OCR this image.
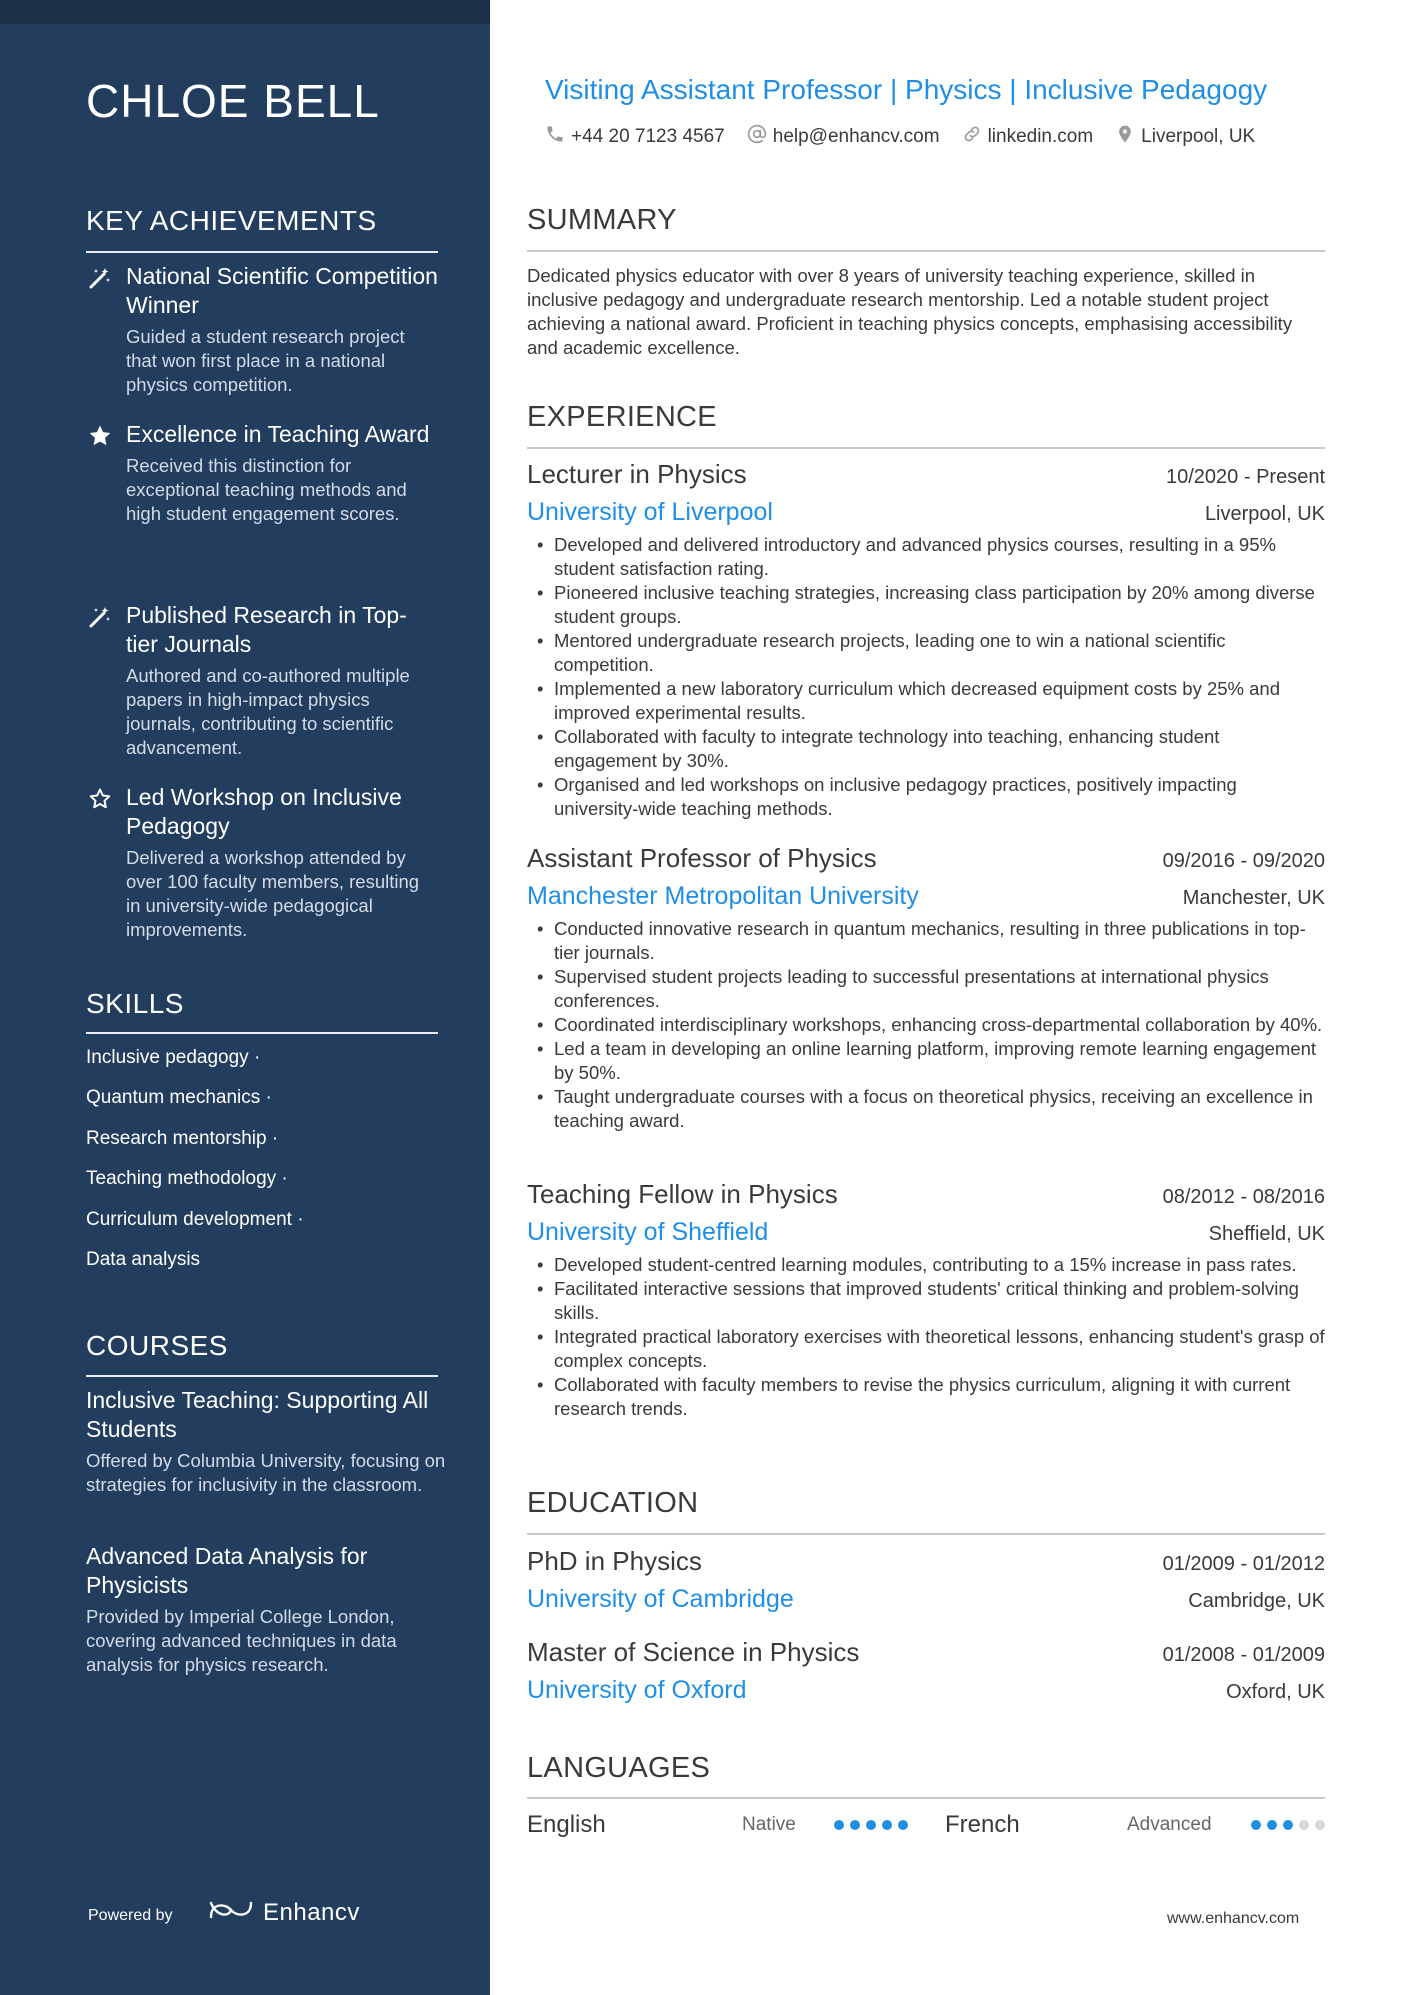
CHLOE BELL
KEY ACHIEVEMENTS
National Scientific Competition Winner
Guided a student research project that won first place in a national physics competition.
Excellence in Teaching Award
Received this distinction for exceptional teaching methods and high student engagement scores.
Published Research in Top-tier Journals
Authored and co-authored multiple papers in high-impact physics journals, contributing to scientific advancement.
Led Workshop on Inclusive Pedagogy
Delivered a workshop attended by over 100 faculty members, resulting in university-wide pedagogical improvements.
SKILLS
Inclusive pedagogy ·
Quantum mechanics ·
Research mentorship ·
Teaching methodology ·
Curriculum development ·
Data analysis
COURSES
Inclusive Teaching: Supporting All Students
Offered by Columbia University, focusing on strategies for inclusivity in the classroom.
Advanced Data Analysis for Physicists
Provided by Imperial College London, covering advanced techniques in data analysis for physics research.
Powered by	Enhancv
Visiting Assistant Professor | Physics | Inclusive Pedagogy
+44 20 7123 4567	help@enhancv.com	linkedin.com	Liverpool, UK
SUMMARY
Dedicated physics educator with over 8 years of university teaching experience, skilled in inclusive pedagogy and undergraduate research mentorship. Led a notable student project achieving a national award. Proficient in teaching physics concepts, emphasising accessibility and academic excellence.
EXPERIENCE
Lecturer in Physics	10/2020 - Present
University of Liverpool	Liverpool, UK
• Developed and delivered introductory and advanced physics courses, resulting in a 95% student satisfaction rating.
• Pioneered inclusive teaching strategies, increasing class participation by 20% among diverse student groups.
• Mentored undergraduate research projects, leading one to win a national scientific competition.
• Implemented a new laboratory curriculum which decreased equipment costs by 25% and improved experimental results.
• Collaborated with faculty to integrate technology into teaching, enhancing student engagement by 30%.
• Organised and led workshops on inclusive pedagogy practices, positively impacting university-wide teaching methods.
Assistant Professor of Physics	09/2016 - 09/2020
Manchester Metropolitan University	Manchester, UK
• Conducted innovative research in quantum mechanics, resulting in three publications in top-tier journals.
• Supervised student projects leading to successful presentations at international physics conferences.
• Coordinated interdisciplinary workshops, enhancing cross-departmental collaboration by 40%.
• Led a team in developing an online learning platform, improving remote learning engagement by 50%.
• Taught undergraduate courses with a focus on theoretical physics, receiving an excellence in teaching award.
Teaching Fellow in Physics	08/2012 - 08/2016
University of Sheffield	Sheffield, UK
• Developed student-centred learning modules, contributing to a 15% increase in pass rates.
• Facilitated interactive sessions that improved students' critical thinking and problem-solving skills.
• Integrated practical laboratory exercises with theoretical lessons, enhancing student's grasp of complex concepts.
• Collaborated with faculty members to revise the physics curriculum, aligning it with current research trends.
EDUCATION
PhD in Physics	01/2009 - 01/2012
University of Cambridge	Cambridge, UK
Master of Science in Physics	01/2008 - 01/2009
University of Oxford	Oxford, UK
LANGUAGES
English	Native	French	Advanced
www.enhancv.com
